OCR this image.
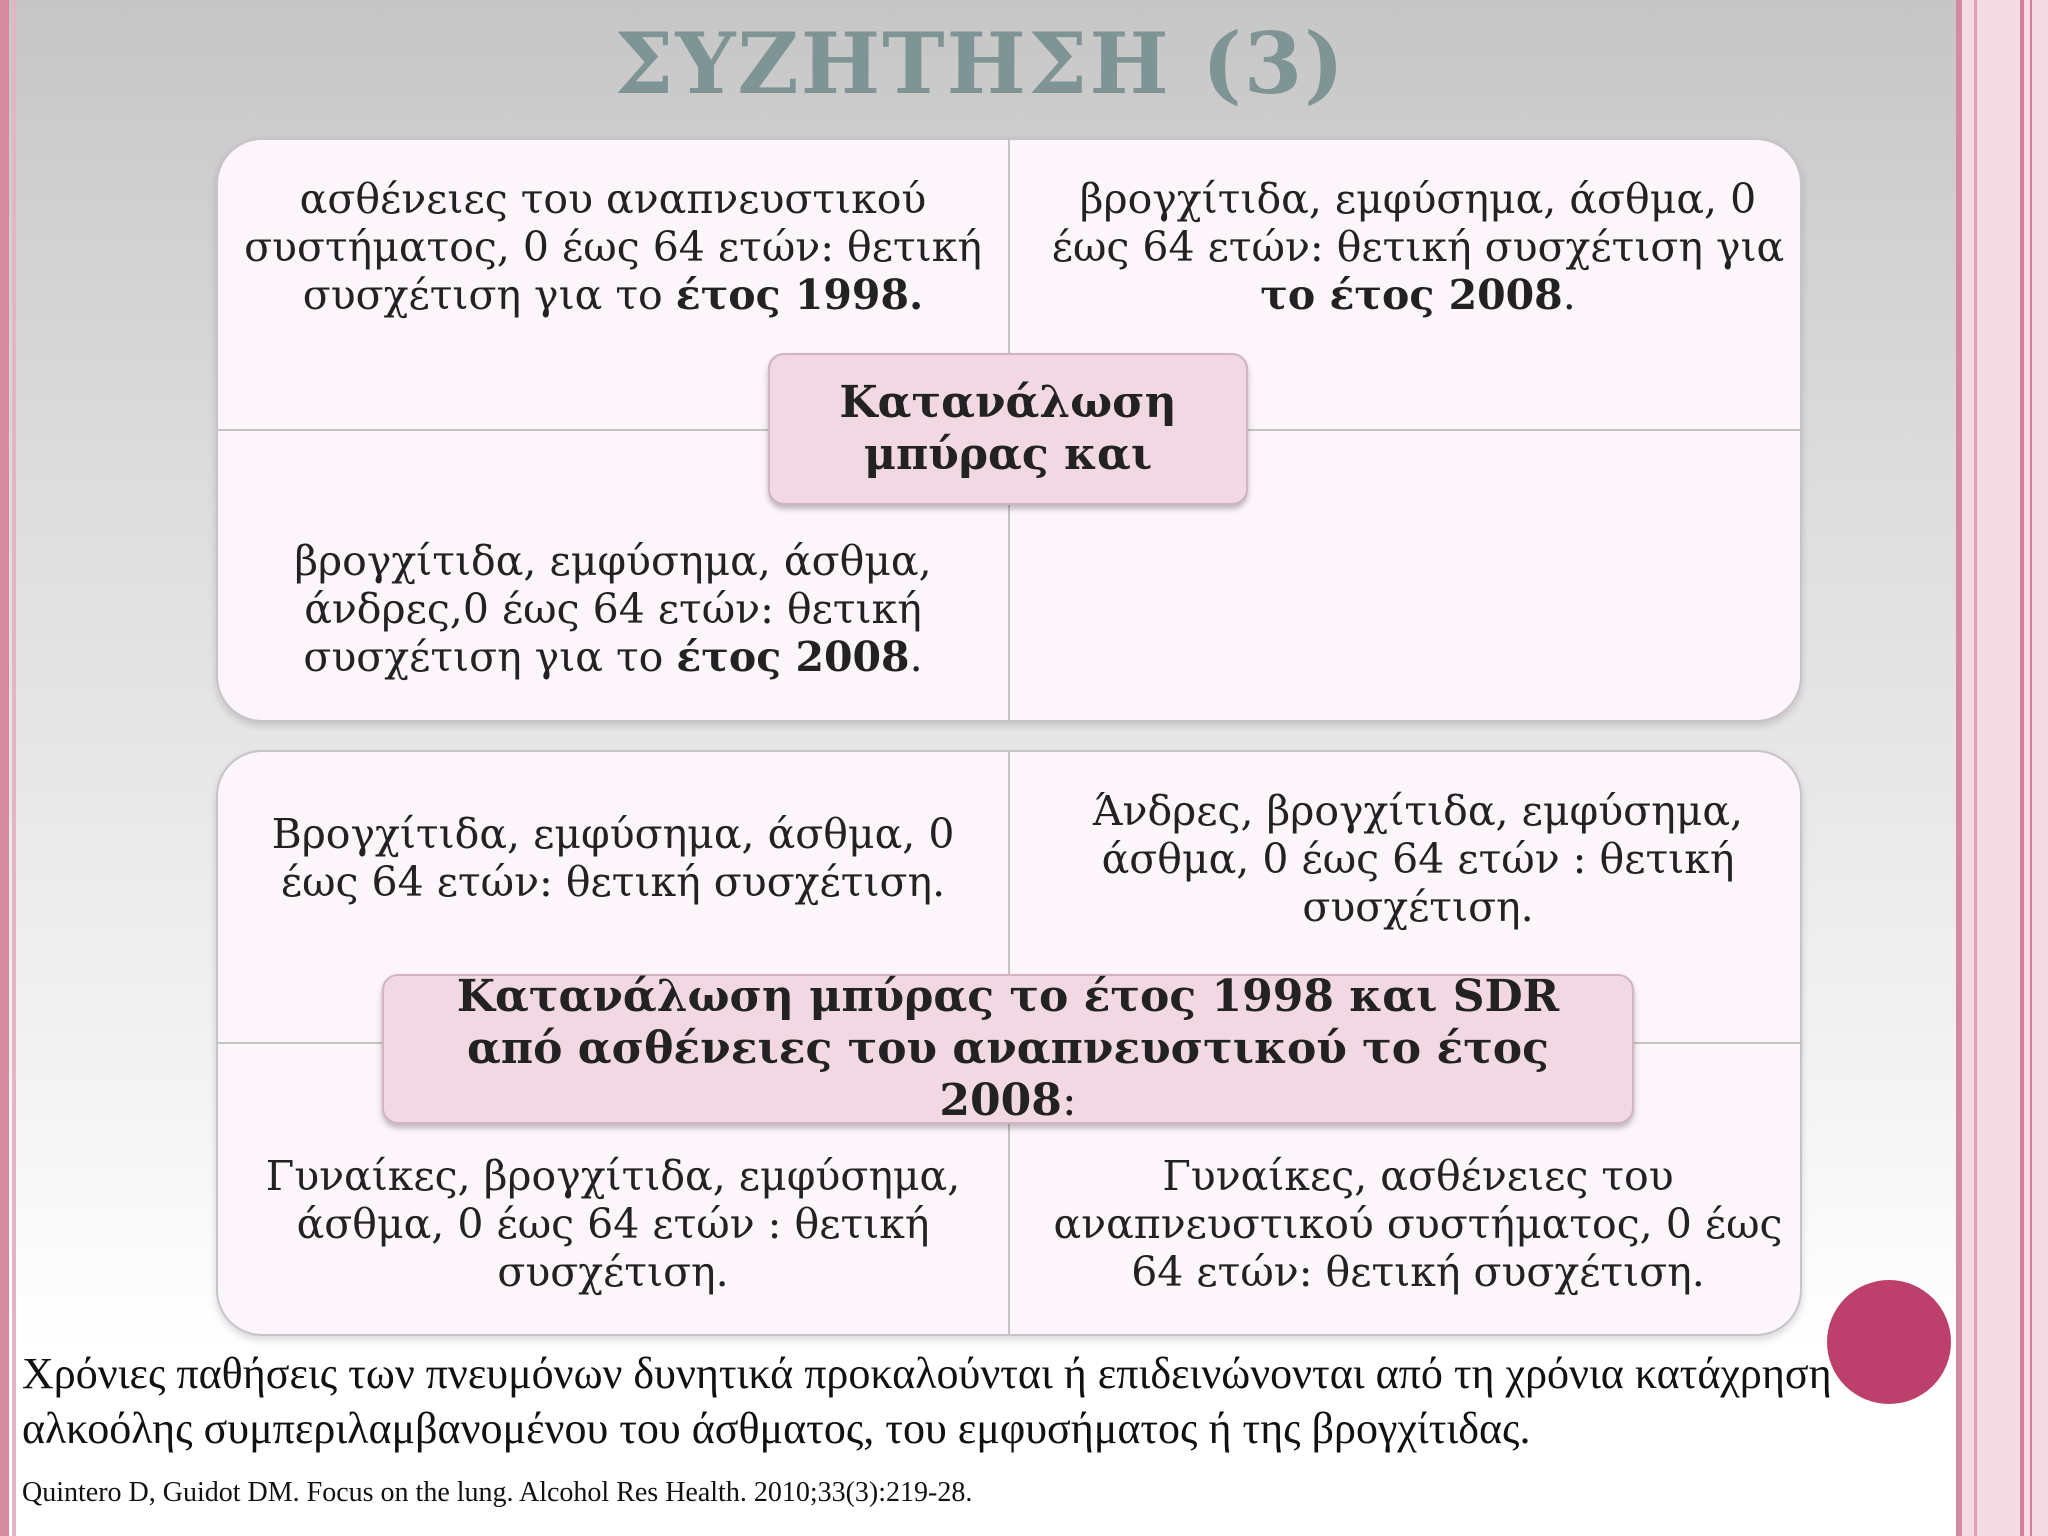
ΣΥΖΗΤΗΣΗ (3)
ασθένειες του αναπνευστικού συστήματος, 0 έως 64 ετών: θετική συσχέτιση για το έτος 1998.
βρογχίτιδα, εμφύσημα, άσθμα, 0 έως 64 ετών: θετική συσχέτιση για το έτος 2008.
βρογχίτιδα, εμφύσημα, άσθμα, άνδρες,0 έως 64 ετών: θετική συσχέτιση για το έτος 2008.
Κατανάλωση
μπύρας και
Βρογχίτιδα, εμφύσημα, άσθμα, 0 έως 64 ετών: θετική συσχέτιση.
Άνδρες, βρογχίτιδα, εμφύσημα, άσθμα, 0 έως 64 ετών : θετική συσχέτιση.
Γυναίκες, βρογχίτιδα, εμφύσημα, άσθμα, 0 έως 64 ετών : θετική συσχέτιση.
Γυναίκες, ασθένειες του αναπνευστικού συστήματος, 0 έως 64 ετών: θετική συσχέτιση.
Κατανάλωση μπύρας το έτος 1998 και SDR από ασθένειες του αναπνευστικού το έτος 2008:
Χρόνιες παθήσεις των πνευμόνων δυνητικά προκαλούνται ή επιδεινώνονται από τη χρόνια κατάχρηση αλκοόλης συμπεριλαμβανομένου του άσθματος, του εμφυσήματος ή της βρογχίτιδας.
Quintero D, Guidot DM. Focus on the lung. Alcohol Res Health. 2010;33(3):219-28.
